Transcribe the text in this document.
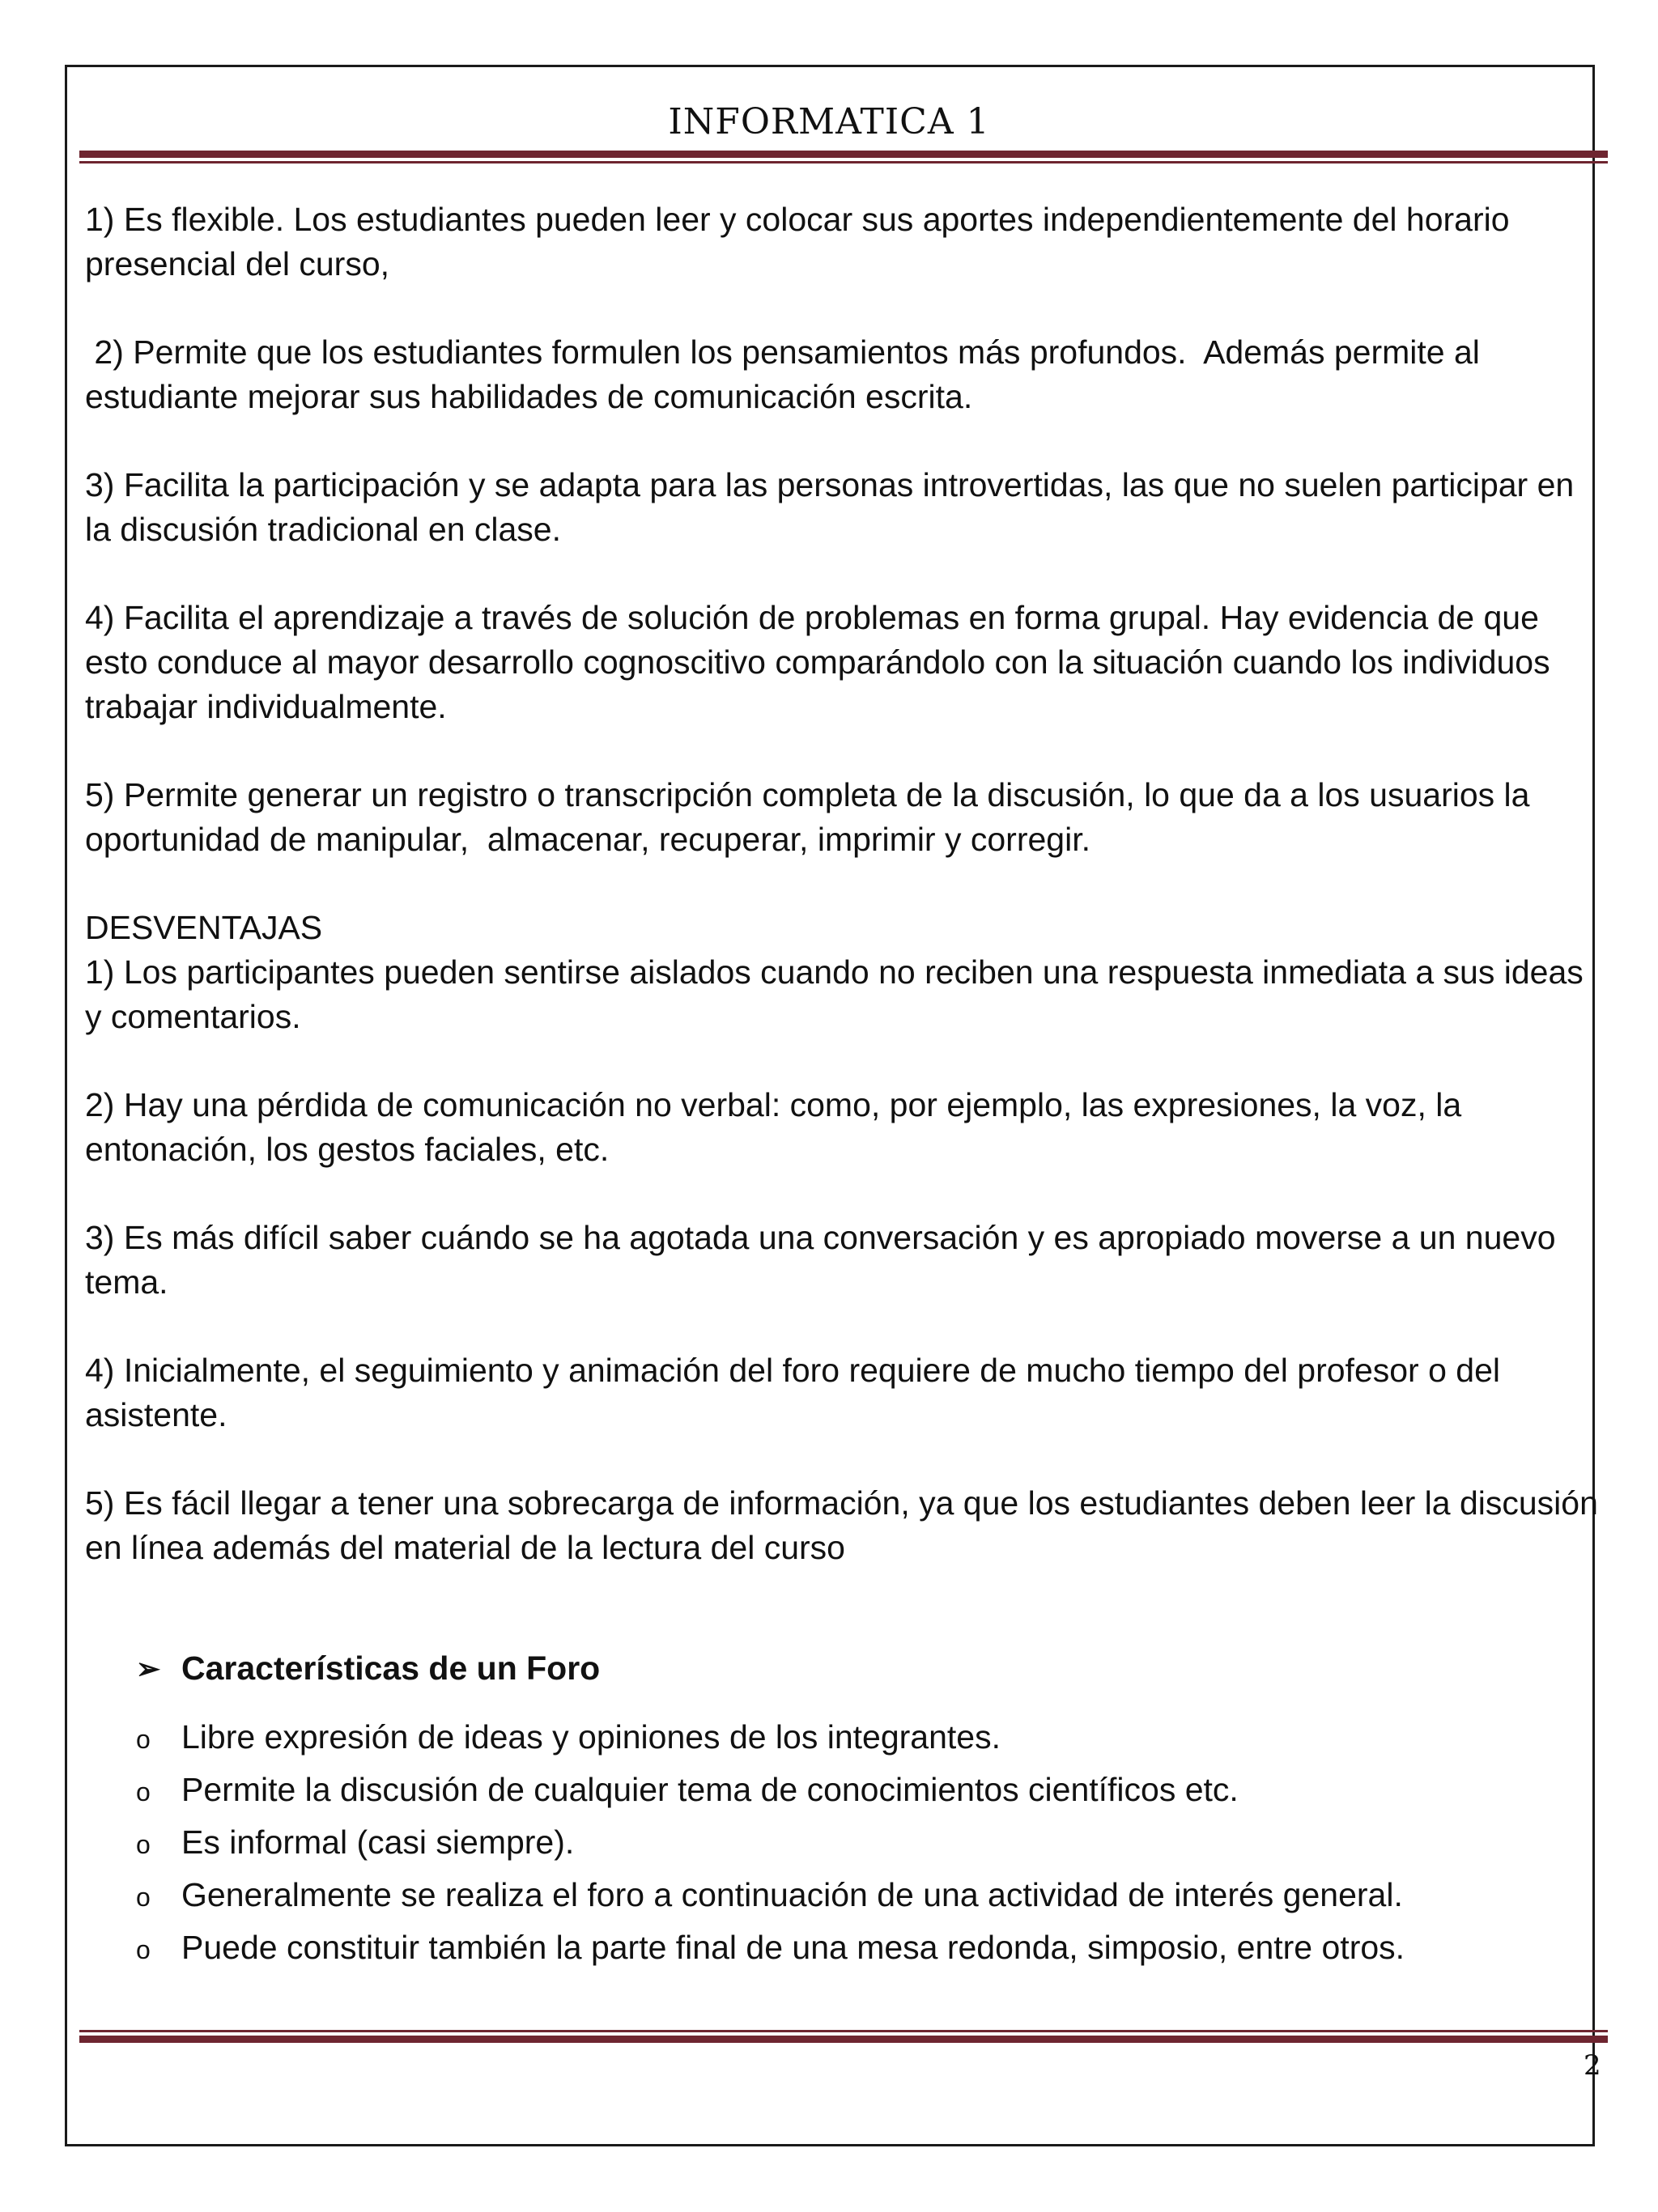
INFORMATICA 1

1) Es flexible. Los estudiantes pueden leer y colocar sus aportes independientemente del horario presencial del curso,

2) Permite que los estudiantes formulen los pensamientos más profundos.  Además permite al estudiante mejorar sus habilidades de comunicación escrita.

3) Facilita la participación y se adapta para las personas introvertidas, las que no suelen participar en la discusión tradicional en clase.

4) Facilita el aprendizaje a través de solución de problemas en forma grupal. Hay evidencia de que esto conduce al mayor desarrollo cognoscitivo comparándolo con la situación cuando los individuos trabajar individualmente.

5) Permite generar un registro o transcripción completa de la discusión, lo que da a los usuarios la oportunidad de manipular,  almacenar, recuperar, imprimir y corregir.

DESVENTAJAS

1) Los participantes pueden sentirse aislados cuando no reciben una respuesta inmediata a sus ideas y comentarios.

2) Hay una pérdida de comunicación no verbal: como, por ejemplo, las expresiones, la voz, la entonación, los gestos faciales, etc.

3) Es más difícil saber cuándo se ha agotada una conversación y es apropiado moverse a un nuevo tema.

4) Inicialmente, el seguimiento y animación del foro requiere de mucho tiempo del profesor o del asistente.

5) Es fácil llegar a tener una sobrecarga de información, ya que los estudiantes deben leer la discusión en línea además del material de la lectura del curso

➢ Características de un Foro
o Libre expresión de ideas y opiniones de los integrantes.
o Permite la discusión de cualquier tema de conocimientos científicos etc.
o Es informal (casi siempre).
o Generalmente se realiza el foro a continuación de una actividad de interés general.
o Puede constituir también la parte final de una mesa redonda, simposio, entre otros.
2
